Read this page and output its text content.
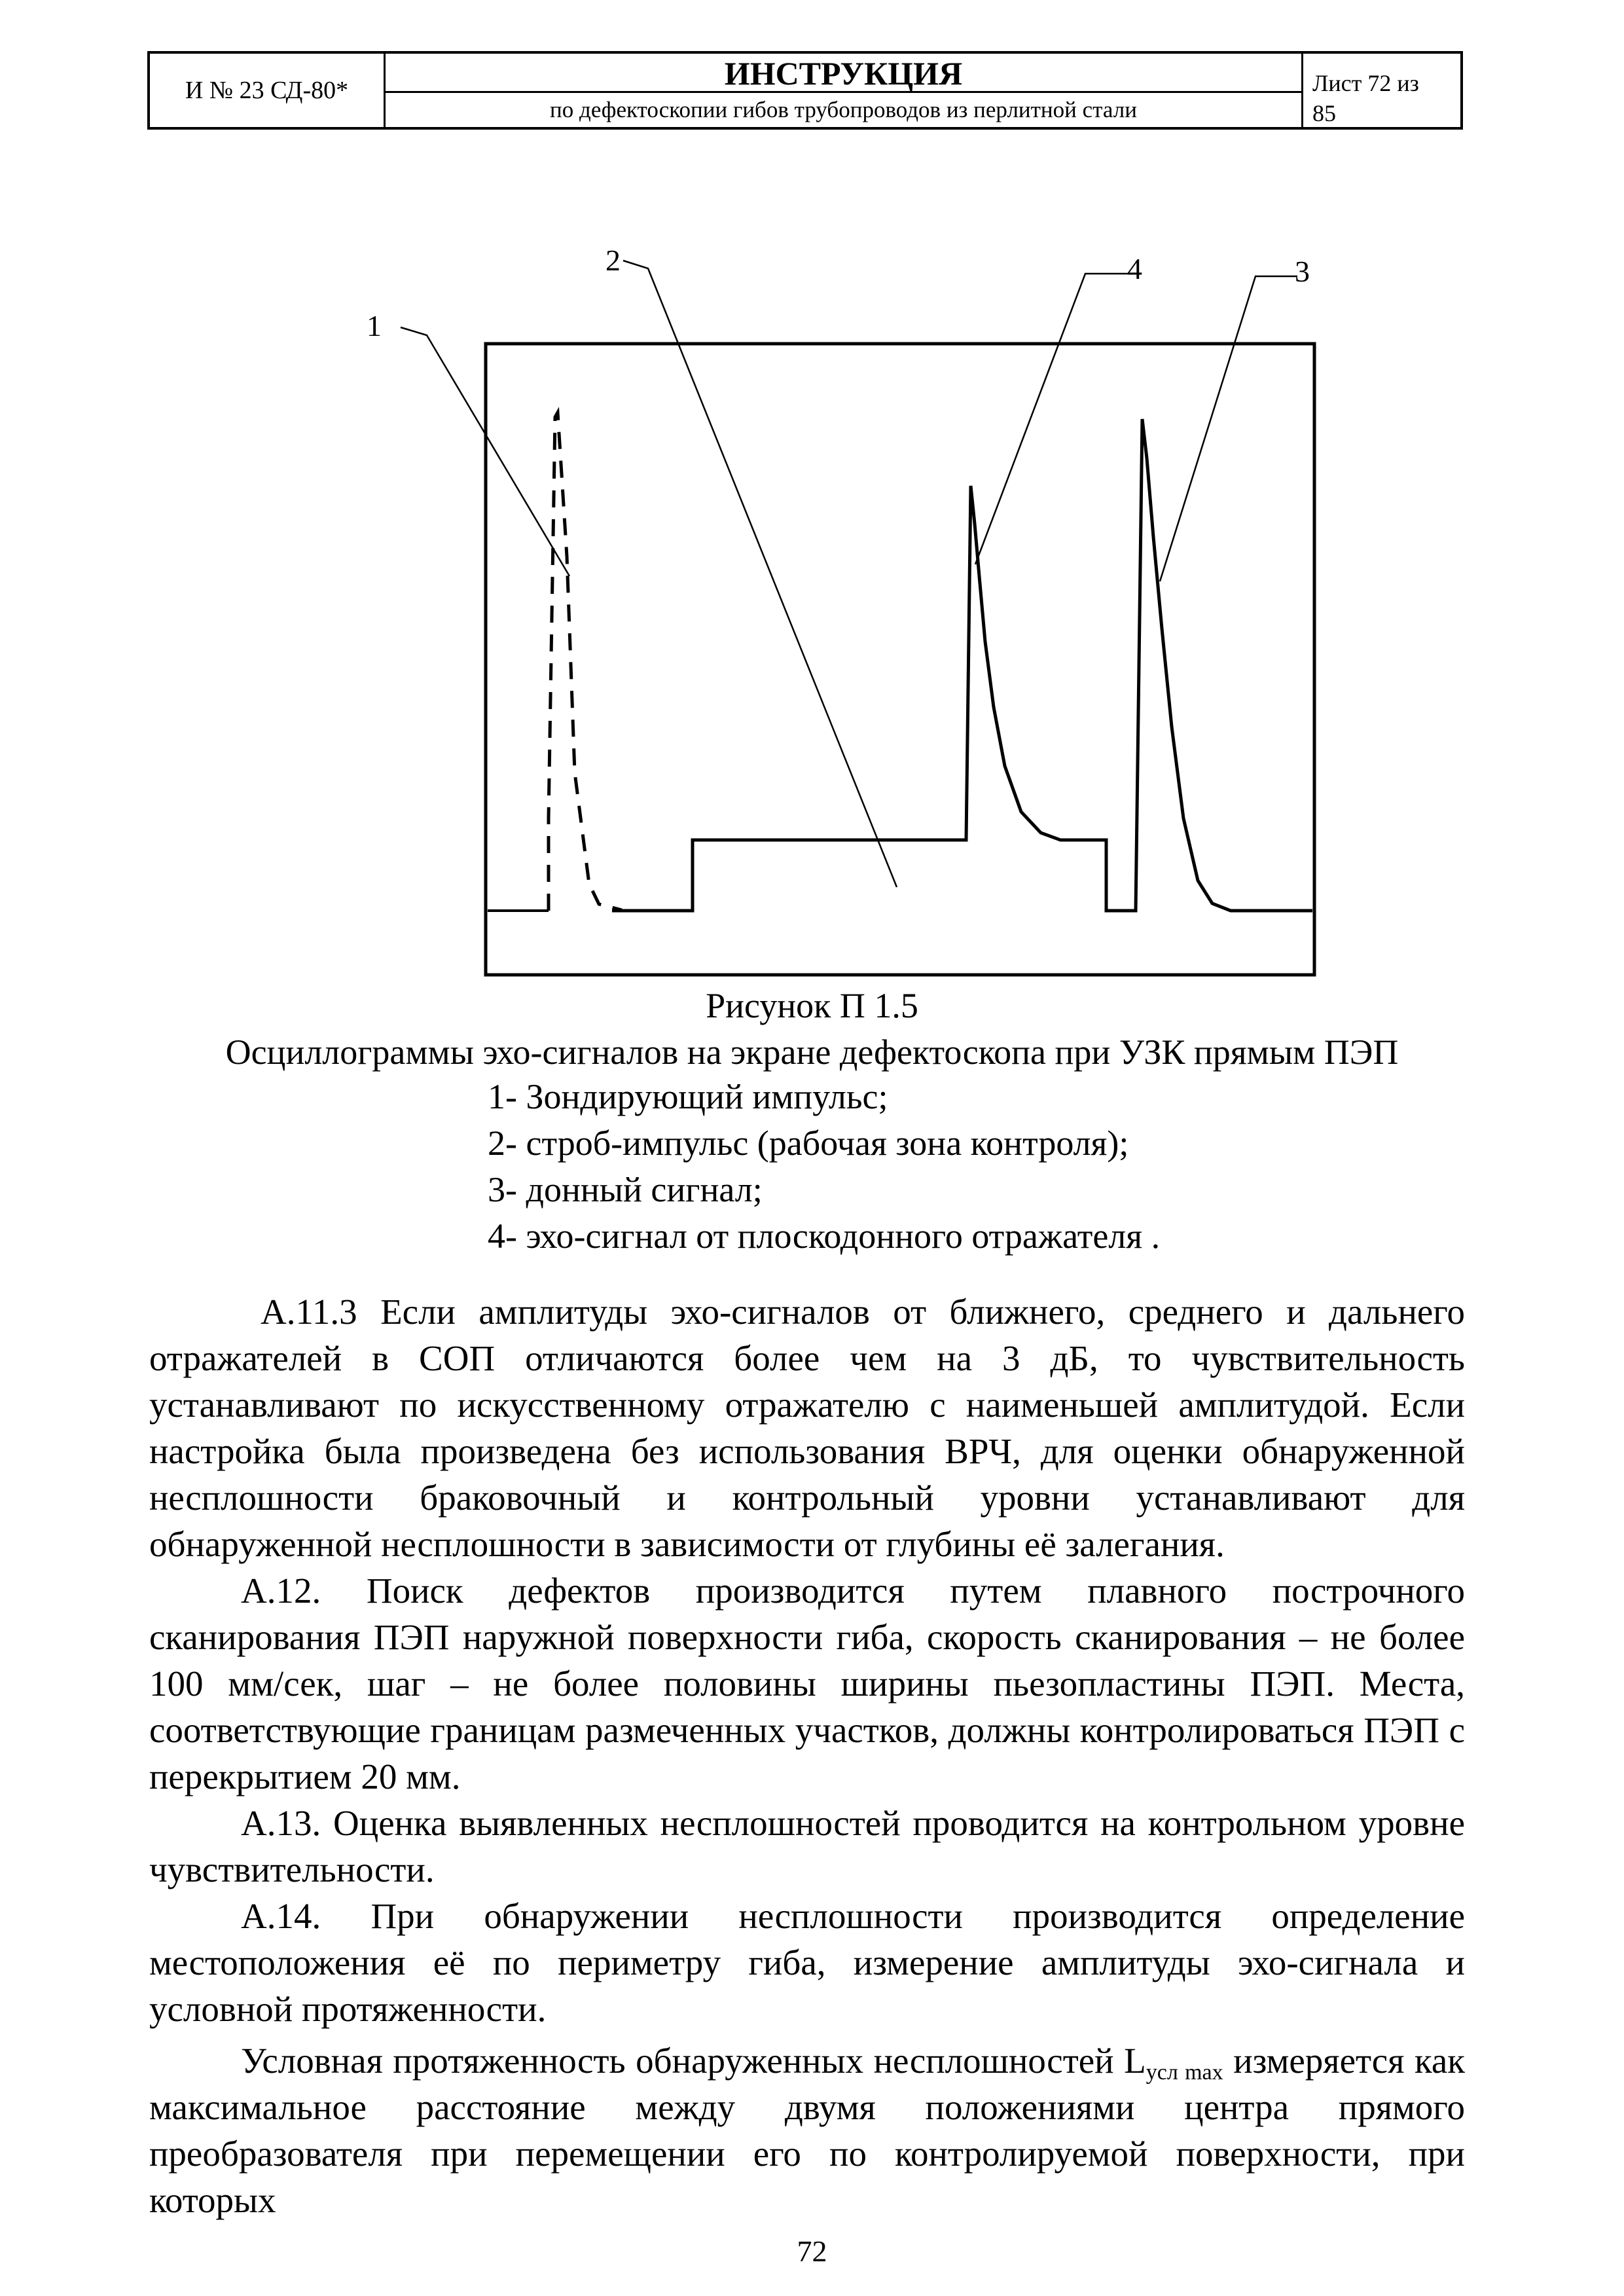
И № 23 СД-80*	ИНСТРУКЦИЯ
по дефектоскопии гибов трубопроводов из перлитной стали
Лист 72 из
85
1
2	4	3
Рисунок П 1.5
Осциллограммы эхо-сигналов на экране дефектоскопа при УЗК прямым ПЭП
1- Зондирующий импульс;
2- строб-импульс (рабочая зона контроля);
3- донный сигнал;
4- эхо-сигнал от плоскодонного отражателя .

А.11.3 Если амплитуды эхо-сигналов от ближнего, среднего и дальнего отражателей в СОП отличаются более чем на 3 дБ, то чувствительность устанавливают по искусственному отражателю с наименьшей амплитудой. Если настройка была произведена без использования ВРЧ, для оценки обнаруженной несплошности браковочный и контрольный уровни устанавливают для обнаруженной несплошности в зависимости от глубины её залегания.

А.12. Поиск дефектов производится путем плавного построчного сканирования ПЭП наружной поверхности гиба, скорость сканирования – не более 100 мм/сек, шаг – не более половины ширины пьезопластины ПЭП. Места, соответствующие границам размеченных участков, должны контролироваться ПЭП с перекрытием 20 мм.

А.13. Оценка выявленных несплошностей проводится на контрольном уровне чувствительности.

А.14. При обнаружении несплошности производится определение местоположения её по периметру гиба, измерение амплитуды эхо-сигнала и условной протяженности.

Условная протяженность обнаруженных несплошностей $L_{усл max}$ измеряется как максимальное расстояние между двумя положениями центра прямого преобразователя при перемещении его по контролируемой поверхности, при которых

72
